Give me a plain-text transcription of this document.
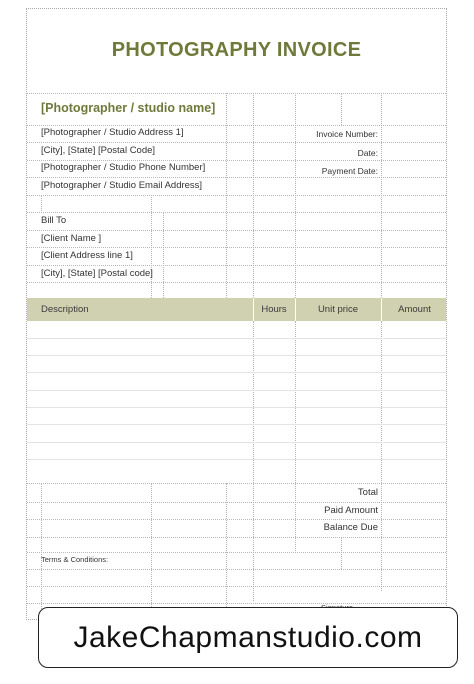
PHOTOGRAPHY INVOICE
[Photographer / studio name]
[Photographer / Studio Address 1]
[City], [State] [Postal Code]
[Photographer / Studio Phone Number]
[Photographer / Studio Email Address]
Invoice Number:
Date:
Payment Date:
Bill To
[Client Name ]
[Client Address line 1]
[City], [State] [Postal code]
Description	Hours	Unit price	Amount
Total
Paid Amount
Balance Due
Terms & Conditions:
JakeChapmanstudio.com
